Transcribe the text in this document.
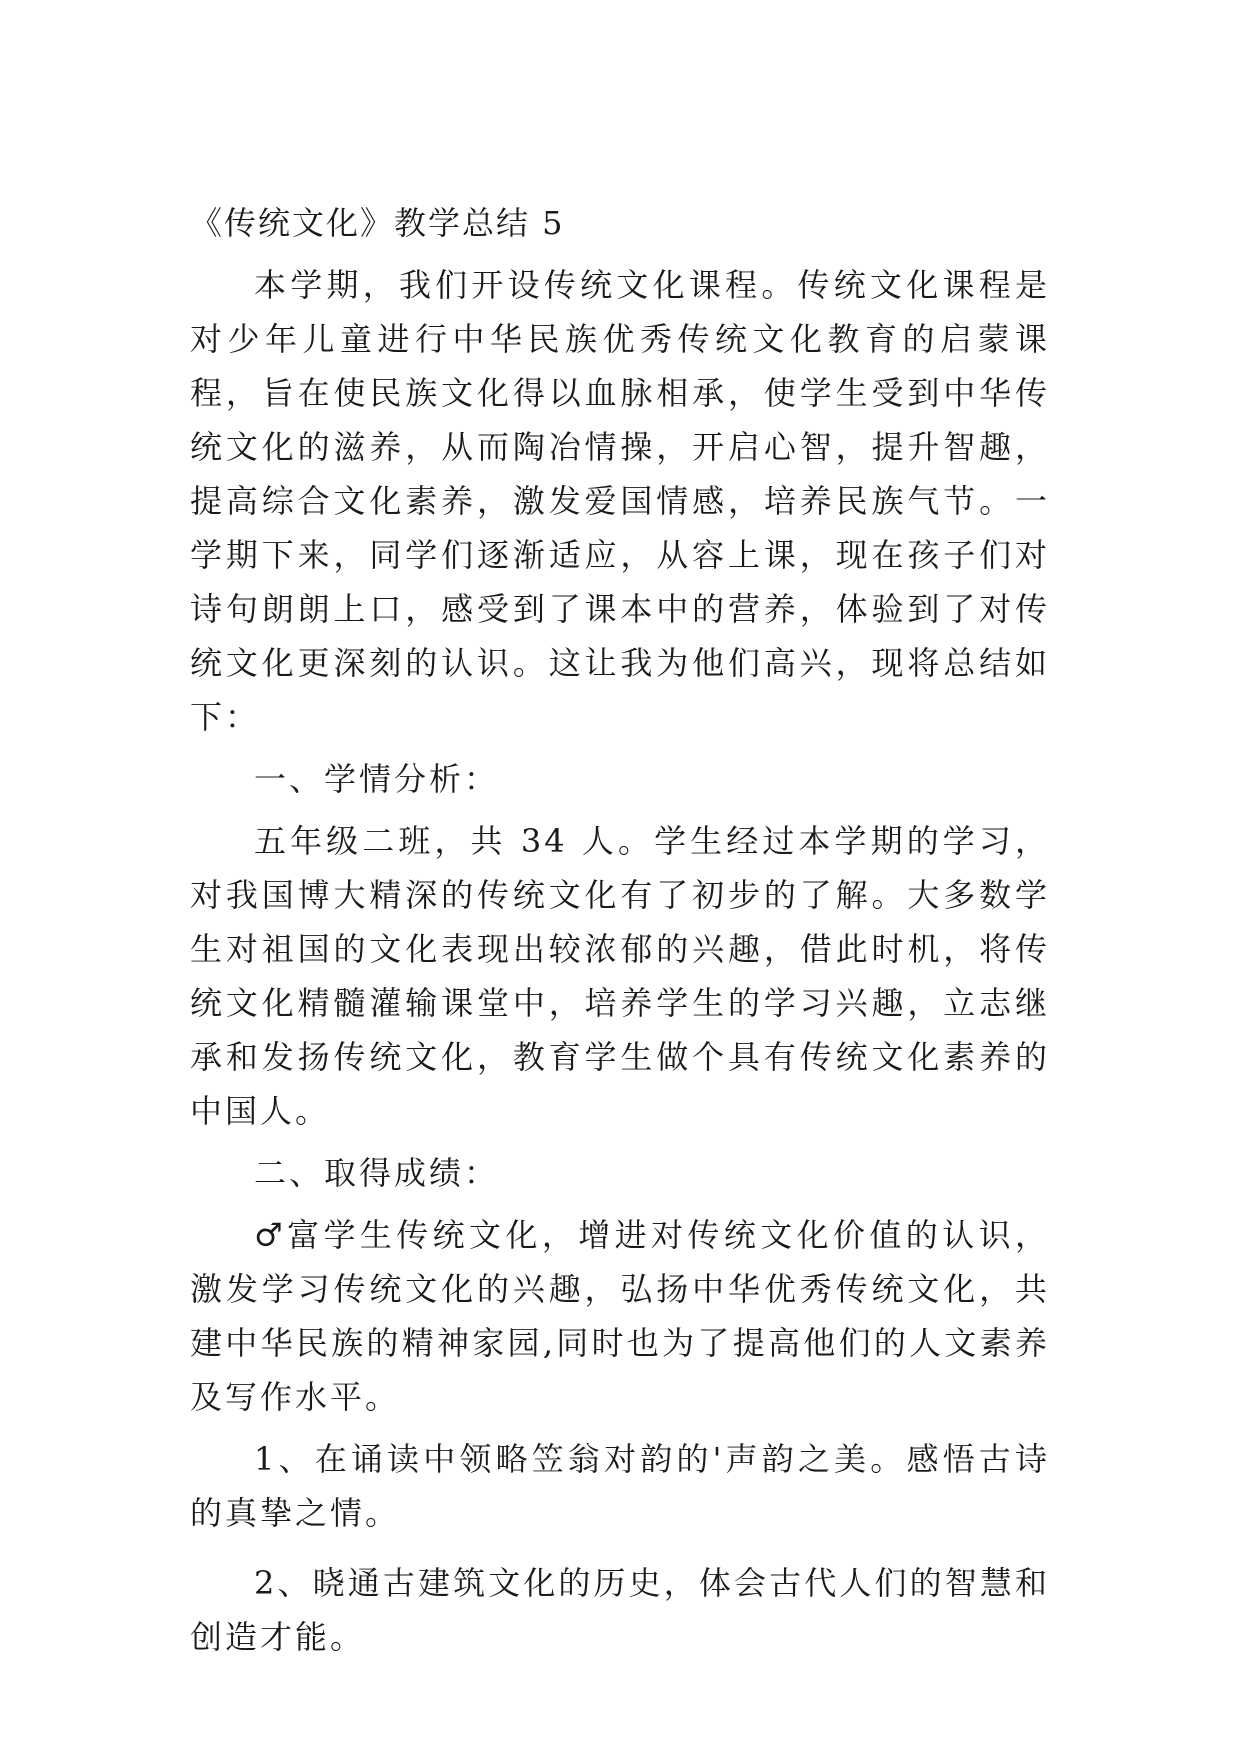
《传统文化》教学总结 5

本学期，我们开设传统文化课程。传统文化课程是对少年儿童进行中华民族优秀传统文化教育的启蒙课程，旨在使民族文化得以血脉相承，使学生受到中华传统文化的滋养，从而陶冶情操，开启心智，提升智趣，提高综合文化素养，激发爱国情感，培养民族气节。一学期下来，同学们逐渐适应，从容上课，现在孩子们对诗句朗朗上口，感受到了课本中的营养，体验到了对传统文化更深刻的认识。这让我为他们高兴，现将总结如下：

一、学情分析：

五年级二班，共 34 人。学生经过本学期的学习，对我国博大精深的传统文化有了初步的了解。大多数学生对祖国的文化表现出较浓郁的兴趣，借此时机，将传统文化精髓灌输课堂中，培养学生的学习兴趣，立志继承和发扬传统文化，教育学生做个具有传统文化素养的中国人。

二、取得成绩：

♂富学生传统文化，增进对传统文化价值的认识，激发学习传统文化的兴趣，弘扬中华优秀传统文化，共建中华民族的精神家园,同时也为了提高他们的人文素养及写作水平。

1、在诵读中领略笠翁对韵的'声韵之美。感悟古诗的真挚之情。

2、晓通古建筑文化的历史，体会古代人们的智慧和创造才能。
